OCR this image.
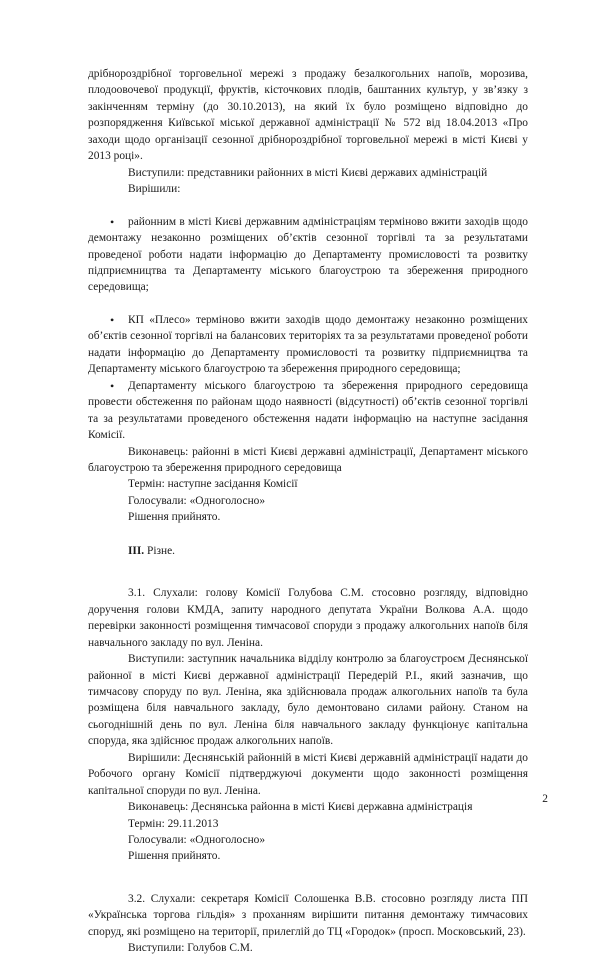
дрібнороздрібної торговельної мережі з продажу безалкогольних напоїв, морозива, плодоовочевої продукції, фруктів, кісточкових плодів, баштанних культур, у зв’язку з закінченням терміну (до 30.10.2013), на який їх було розміщено відповідно до розпорядження Київської міської державної адміністрації № 572 від 18.04.2013 «Про заходи щодо організації сезонної дрібнороздрібної торговельної мережі в місті Києві у 2013 році».

Виступили: представники районних в місті Києві державих адміністрацій

Вирішили:

• районним в місті Києві державним адміністраціям терміново вжити заходів щодо демонтажу незаконно розміщених об’єктів сезонної торгівлі та за результатами проведеної роботи надати інформацію до Департаменту промисловості та розвитку підприємництва та Департаменту міського благоустрою та збереження природного середовища;

• КП «Плесо» терміново вжити заходів щодо демонтажу незаконно розміщених об’єктів сезонної торгівлі на балансових територіях та за результатами проведеної роботи надати інформацію до Департаменту промисловості та розвитку підприємництва та Департаменту міського благоустрою та збереження природного середовища;

• Департаменту міського благоустрою та збереження природного середовища провести обстеження по районам щодо наявності (відсутності) об’єктів сезонної торгівлі та за результатами проведеного обстеження надати інформацію на наступне засідання Комісії.

Виконавець: районні в місті Києві державні адміністрації, Департамент міського благоустрою та збереження природного середовища

Термін: наступне засідання Комісії

Голосували: «Одноголосно»

Рішення прийнято.

III. Різне.

3.1. Слухали: голову Комісії Голубова С.М. стосовно розгляду, відповідно доручення голови КМДА, запиту народного депутата України Волкова А.А. щодо перевірки законності розміщення тимчасової споруди з продажу алкогольних напоїв біля навчального закладу по вул. Леніна.

Виступили: заступник начальника відділу контролю за благоустроєм Деснянської районної в місті Києві державної адміністрації Передерій Р.І., який зазначив, що тимчасову споруду по вул. Леніна, яка здійснювала продаж алкогольних напоїв та була розміщена біля навчального закладу, було демонтовано силами району. Станом на сьогоднішній день по вул. Леніна біля навчального закладу функціонує капітальна споруда, яка здійснює продаж алкогольних напоїв.

Вирішили: Деснянській районній в місті Києві державній адміністрації надати до Робочого органу Комісії підтверджуючі документи щодо законності розміщення капітальної споруди по вул. Леніна.

Виконавець: Деснянська районна в місті Києві державна адміністрація

Термін: 29.11.2013

Голосували: «Одноголосно»

Рішення прийнято.

3.2. Слухали: секретаря Комісії Солошенка В.В. стосовно розгляду листа ПП «Українська торгова гільдія» з проханням вирішити питання демонтажу тимчасових споруд, які розміщено на території, прилеглій до ТЦ «Городок» (просп. Московський, 23).

Виступили: Голубов С.М.

2
